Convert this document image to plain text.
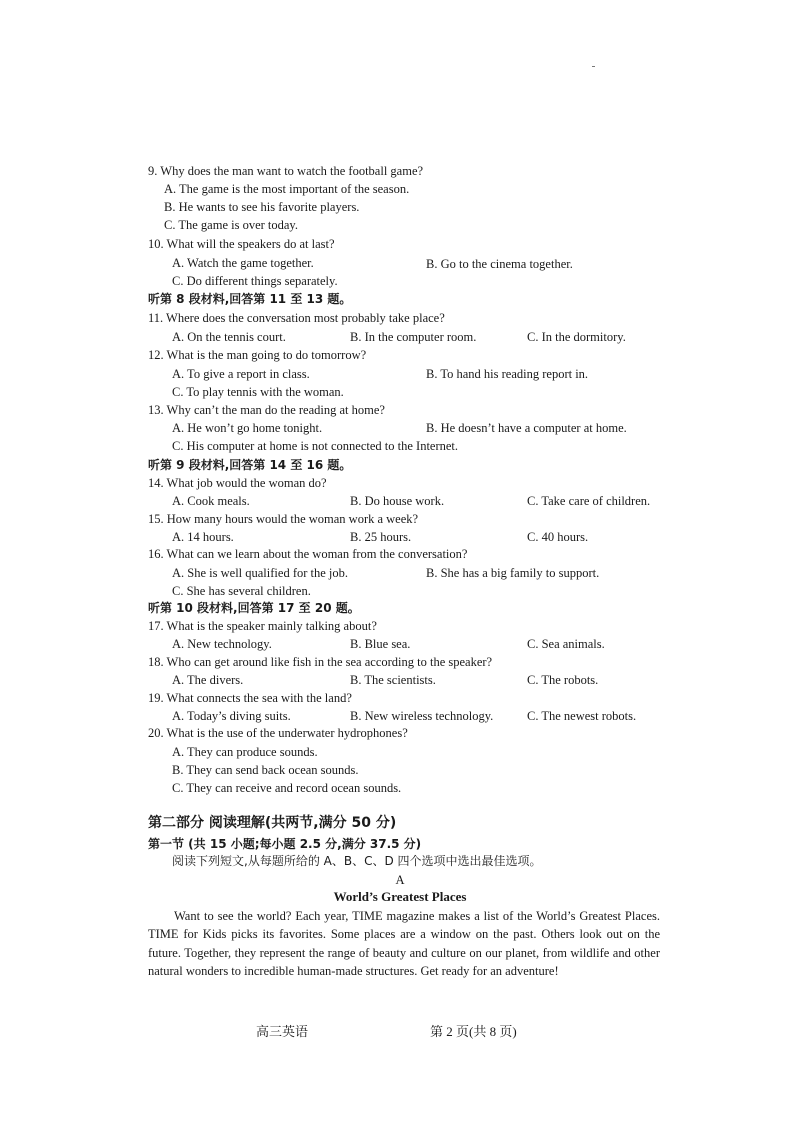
9. Why does the man want to watch the football game?
A. The game is the most important of the season.
B. He wants to see his favorite players.
C. The game is over today.
10. What will the speakers do at last?
A. Watch the game together.	B. Go to the cinema together.
C. Do different things separately.
听第 8 段材料,回答第 11 至 13 题。
11. Where does the conversation most probably take place?
A. On the tennis court.	B. In the computer room.	C. In the dormitory.
12. What is the man going to do tomorrow?
A. To give a report in class.	B. To hand his reading report in.
C. To play tennis with the woman.
13. Why can’t the man do the reading at home?
A. He won’t go home tonight.	B. He doesn’t have a computer at home.
C. His computer at home is not connected to the Internet.
听第 9 段材料,回答第 14 至 16 题。
14. What job would the woman do?
A. Cook meals.	B. Do house work.	C. Take care of children.
15. How many hours would the woman work a week?
A. 14 hours.	B. 25 hours.	C. 40 hours.
16. What can we learn about the woman from the conversation?
A. She is well qualified for the job.	B. She has a big family to support.
C. She has several children.
听第 10 段材料,回答第 17 至 20 题。
17. What is the speaker mainly talking about?
A. New technology.	B. Blue sea.	C. Sea animals.
18. Who can get around like fish in the sea according to the speaker?
A. The divers.	B. The scientists.	C. The robots.
19. What connects the sea with the land?
A. Today’s diving suits.	B. New wireless technology.	C. The newest robots.
20. What is the use of the underwater hydrophones?
A. They can produce sounds.
B. They can send back ocean sounds.
C. They can receive and record ocean sounds.
第二部分 阅读理解(共两节,满分 50 分)
第一节 (共 15 小题;每小题 2.5 分,满分 37.5 分)
阅读下列短文,从每题所给的 A、B、C、D 四个选项中选出最佳选项。
A
World’s Greatest Places
Want to see the world? Each year, TIME magazine makes a list of the World’s Greatest Places. TIME for Kids picks its favorites. Some places are a window on the past. Others look out on the future. Together, they represent the range of beauty and culture on our planet, from wildlife and other natural wonders to incredible human-made structures. Get ready for an adventure!
高三英语	第 2 页(共 8 页)
